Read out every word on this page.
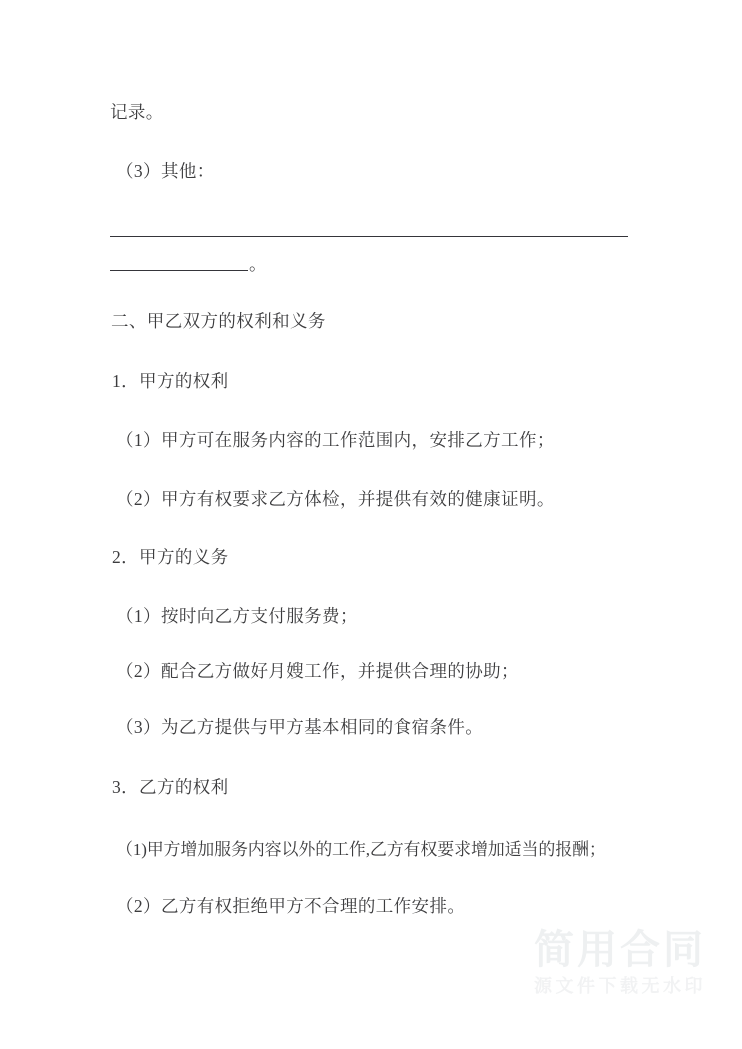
记录。
（3）其他：
。
二、甲乙双方的权利和义务
1．甲方的权利
（1）甲方可在服务内容的工作范围内，安排乙方工作；
（2）甲方有权要求乙方体检，并提供有效的健康证明。
2．甲方的义务
（1）按时向乙方支付服务费；
（2）配合乙方做好月嫂工作，并提供合理的协助；
（3）为乙方提供与甲方基本相同的食宿条件。
3．乙方的权利
（1)甲方增加服务内容以外的工作,乙方有权要求增加适当的报酬；
（2）乙方有权拒绝甲方不合理的工作安排。
简用合同
源文件下载无水印
